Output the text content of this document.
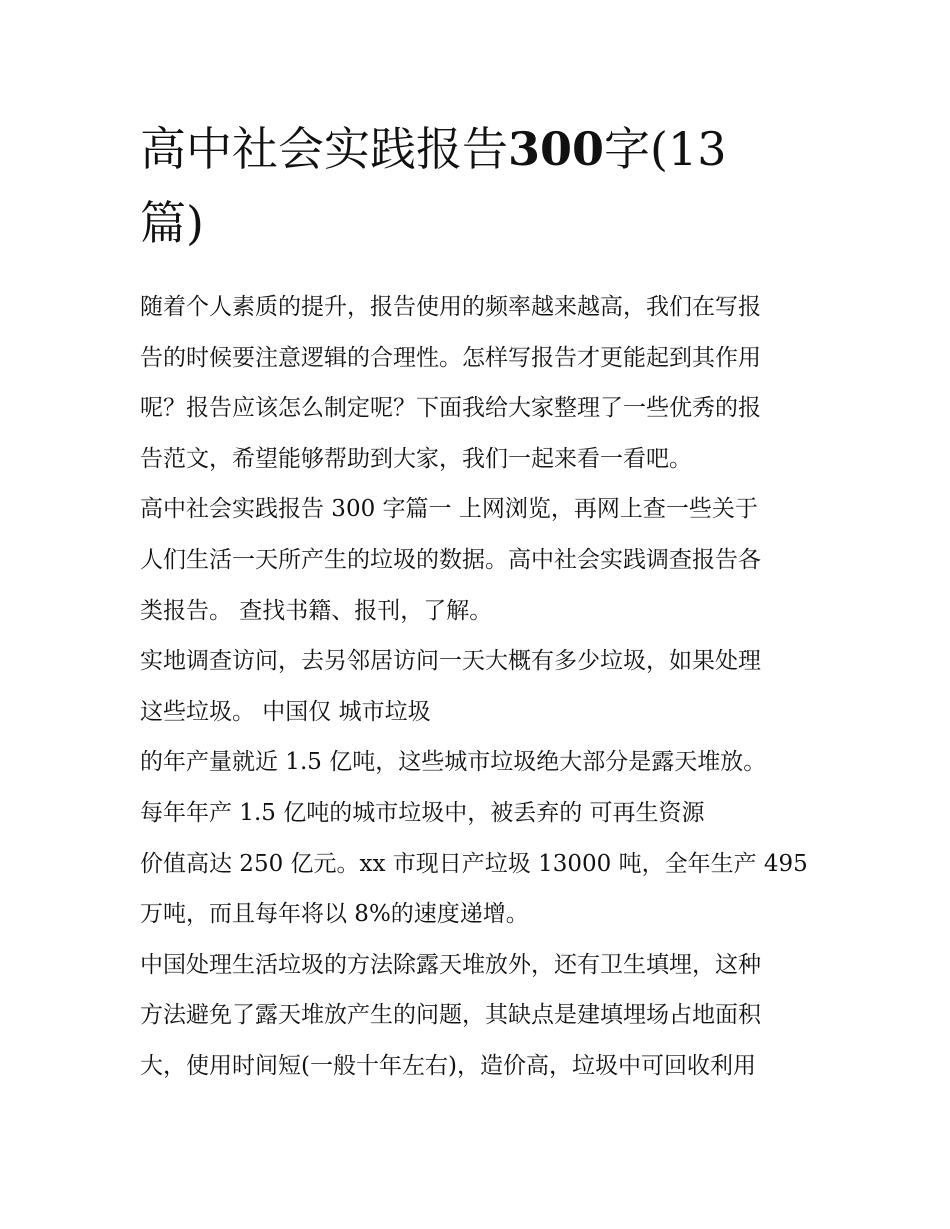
高中社会实践报告300字(13
篇)
随着个人素质的提升，报告使用的频率越来越高，我们在写报
告的时候要注意逻辑的合理性。怎样写报告才更能起到其作用
呢？报告应该怎么制定呢？下面我给大家整理了一些优秀的报
告范文，希望能够帮助到大家，我们一起来看一看吧。
高中社会实践报告 300 字篇一 上网浏览，再网上查一些关于
人们生活一天所产生的垃圾的数据。高中社会实践调查报告各
类报告。 查找书籍、报刊，了解。
实地调查访问，去另邻居访问一天大概有多少垃圾，如果处理
这些垃圾。 中国仅 城市垃圾
的年产量就近 1.5 亿吨，这些城市垃圾绝大部分是露天堆放。
每年年产 1.5 亿吨的城市垃圾中，被丢弃的 可再生资源
价值高达 250 亿元。xx 市现日产垃圾 13000 吨，全年生产 495
万吨，而且每年将以 8%的速度递增。
中国处理生活垃圾的方法除露天堆放外，还有卫生填埋，这种
方法避免了露天堆放产生的问题，其缺点是建填埋场占地面积
大，使用时间短(一般十年左右)，造价高，垃圾中可回收利用
